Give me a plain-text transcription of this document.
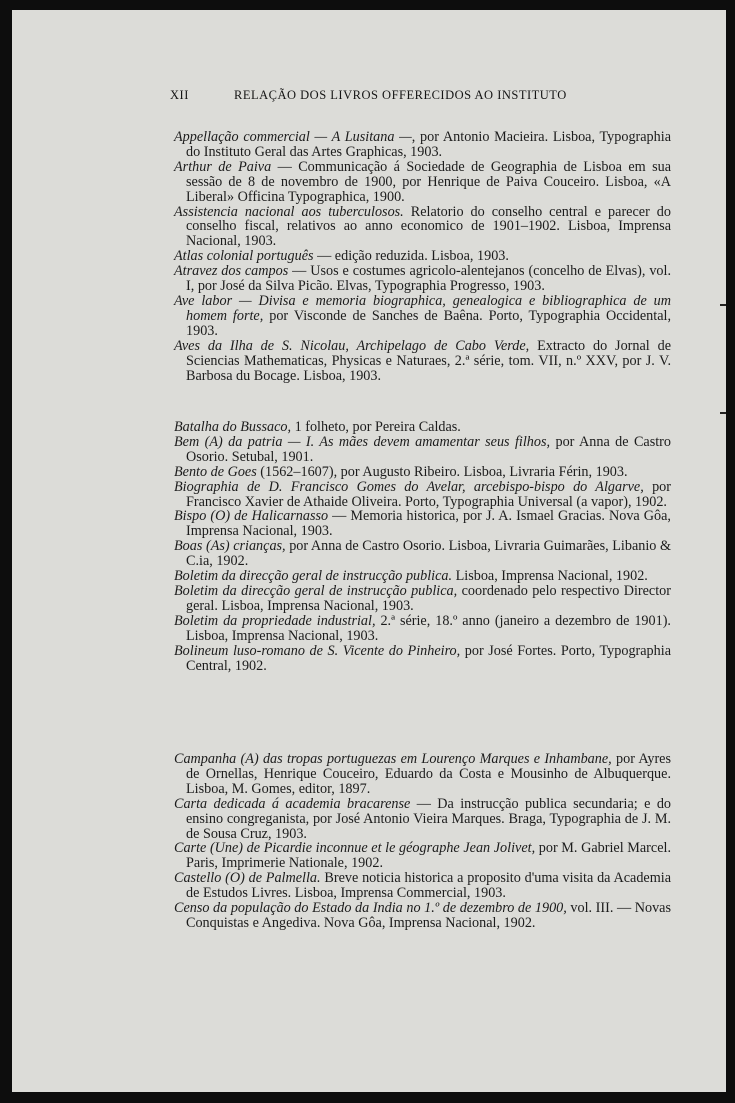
XII	RELAÇÃO DOS LIVROS OFFERECIDOS AO INSTITUTO

Appellação commercial — A Lusitana —, por Antonio Macieira. Lisboa, Typographia do Instituto Geral das Artes Graphicas, 1903.

Arthur de Paiva — Communicação á Sociedade de Geographia de Lisboa em sua sessão de 8 de novembro de 1900, por Henrique de Paiva Couceiro. Lisboa, «A Liberal» Officina Typographica, 1900.

Assistencia nacional aos tuberculosos. Relatorio do conselho central e parecer do conselho fiscal, relativos ao anno economico de 1901–1902. Lisboa, Imprensa Nacional, 1903.

Atlas colonial português — edição reduzida. Lisboa, 1903.

Atravez dos campos — Usos e costumes agricolo-alentejanos (concelho de Elvas), vol. I, por José da Silva Picão. Elvas, Typographia Progresso, 1903.

Ave labor — Divisa e memoria biographica, genealogica e bibliographica de um homem forte, por Visconde de Sanches de Baêna. Porto, Typographia Occidental, 1903.

Aves da Ilha de S. Nicolau, Archipelago de Cabo Verde, Extracto do Jornal de Sciencias Mathematicas, Physicas e Naturaes, 2.ª série, tom. VII, n.º XXV, por J. V. Barbosa du Bocage. Lisboa, 1903.

Batalha do Bussaco, 1 folheto, por Pereira Caldas.

Bem (A) da patria — I. As mães devem amamentar seus filhos, por Anna de Castro Osorio. Setubal, 1901.

Bento de Goes (1562–1607), por Augusto Ribeiro. Lisboa, Livraria Férin, 1903.

Biographia de D. Francisco Gomes do Avelar, arcebispo-bispo do Algarve, por Francisco Xavier de Athaide Oliveira. Porto, Typographia Universal (a vapor), 1902.

Bispo (O) de Halicarnasso — Memoria historica, por J. A. Ismael Gracias. Nova Gôa, Imprensa Nacional, 1903.

Boas (As) crianças, por Anna de Castro Osorio. Lisboa, Livraria Guimarães, Libanio & C.ia, 1902.

Boletim da direcção geral de instrucção publica. Lisboa, Imprensa Nacional, 1902.

Boletim da direcção geral de instrucção publica, coordenado pelo respectivo Director geral. Lisboa, Imprensa Nacional, 1903.

Boletim da propriedade industrial, 2.ª série, 18.º anno (janeiro a dezembro de 1901). Lisboa, Imprensa Nacional, 1903.

Bolineum luso-romano de S. Vicente do Pinheiro, por José Fortes. Porto, Typographia Central, 1902.

Campanha (A) das tropas portuguezas em Lourenço Marques e Inhambane, por Ayres de Ornellas, Henrique Couceiro, Eduardo da Costa e Mousinho de Albuquerque. Lisboa, M. Gomes, editor, 1897.

Carta dedicada á academia bracarense — Da instrucção publica secundaria; e do ensino congreganista, por José Antonio Vieira Marques. Braga, Typographia de J. M. de Sousa Cruz, 1903.

Carte (Une) de Picardie inconnue et le géographe Jean Jolivet, por M. Gabriel Marcel. Paris, Imprimerie Nationale, 1902.

Castello (O) de Palmella. Breve noticia historica a proposito d'uma visita da Academia de Estudos Livres. Lisboa, Imprensa Commercial, 1903.

Censo da população do Estado da India no 1.º de dezembro de 1900, vol. III. — Novas Conquistas e Angediva. Nova Gôa, Imprensa Nacional, 1902.
